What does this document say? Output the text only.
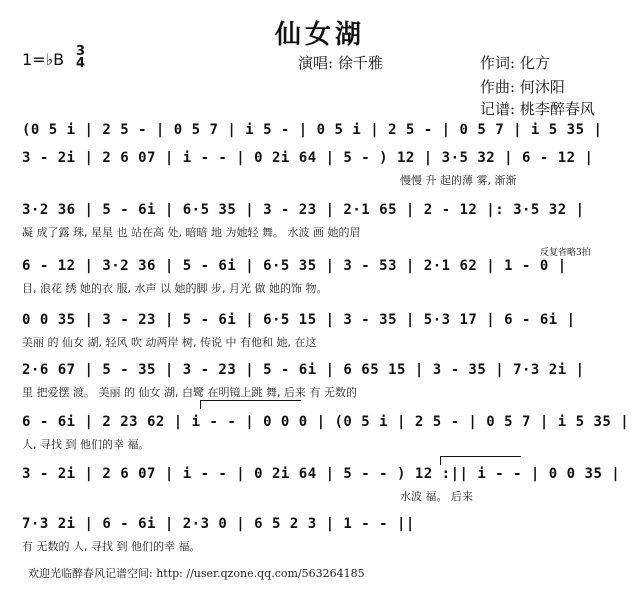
仙女湖
1=♭B 3
4	演唱: 徐千雅	作词: 化方
作曲: 何沐阳
记谱: 桃李醉春风
反复省略3拍
(0 5 i | 2 5 - | 0 5 7 | i 5 - | 0 5 i | 2 5 - | 0 5 7 | i 5 35 |
3 - 2i | 2 6 07 | i - - | 0 2i 64 | 5 - ) 12 | 3·5 32 | 6 - 12 |
慢慢 升 起的薄 雾, 渐渐
3·2 36 | 5 - 6i | 6·5 35 | 3 - 23 | 2·1 65 | 2 - 12 |: 3·5 32 |
凝 成了露 珠, 星星 也 站在高 处, 暗暗 地 为她轻 舞。 水波 画 她的眉
6 - 12 | 3·2 36 | 5 - 6i | 6·5 35 | 3 - 53 | 2·1 62 | 1 - 0 |
目, 浪花 绣 她的衣 服, 水声 以 她的脚 步, 月光 做 她的饰 物。
0 0 35 | 3 - 23 | 5 - 6i | 6·5 15 | 3 - 35 | 5·3 17 | 6 - 6i |
美丽 的 仙女 湖, 轻风 吹 动两岸 树, 传说 中 有他和 她, 在这
2·6 67 | 5 - 35 | 3 - 23 | 5 - 6i | 6 65 15 | 3 - 35 | 7·3 2i |
里 把爱摆 渡。 美丽 的 仙女 湖, 白鹭 在明镜上跳 舞, 后来 有 无数的
6 - 6i | 2 23 62 | i - - | 0 0 0 | (0 5 i | 2 5 - | 0 5 7 | i 5 35 |
人, 寻找 到 他们的幸 福。
3 - 2i | 2 6 07 | i - - | 0 2i 64 | 5 - - ) 12 :|| i - - | 0 0 35 |
水波 福。 后来
7·3 2i | 6 - 6i | 2·3 0 | 6 5 2 3 | 1 - - ||
有 无数的 人, 寻找 到 他们的幸 福。
欢迎光临醉春风记谱空间: http: //user.qzone.qq.com/563264185
